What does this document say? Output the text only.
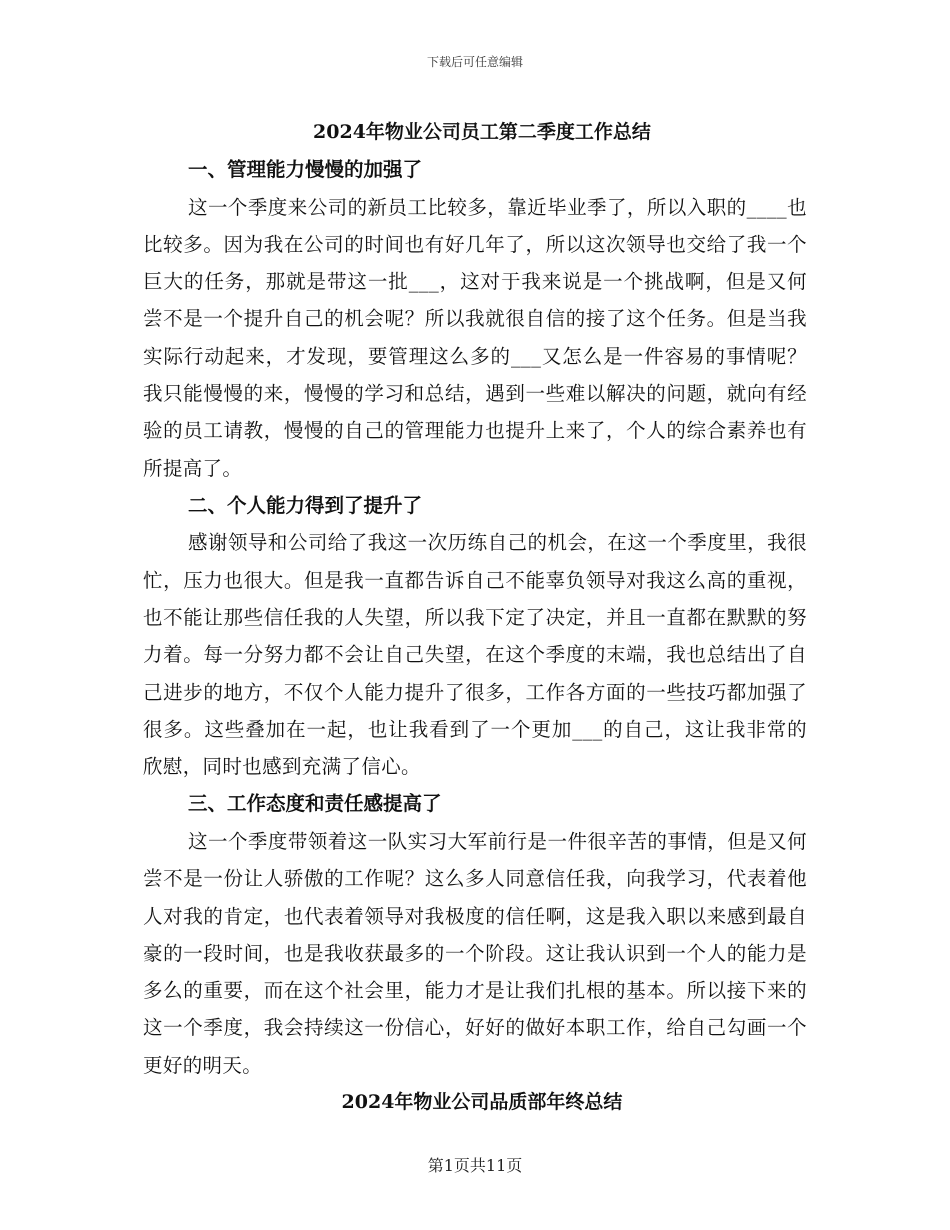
下载后可任意编辑
2024年物业公司员工第二季度工作总结
一、管理能力慢慢的加强了

这一个季度来公司的新员工比较多，靠近毕业季了，所以入职的____也比较多。因为我在公司的时间也有好几年了，所以这次领导也交给了我一个巨大的任务，那就是带这一批___，这对于我来说是一个挑战啊，但是又何尝不是一个提升自己的机会呢？所以我就很自信的接了这个任务。但是当我实际行动起来，才发现，要管理这么多的___又怎么是一件容易的事情呢？我只能慢慢的来，慢慢的学习和总结，遇到一些难以解决的问题，就向有经验的员工请教，慢慢的自己的管理能力也提升上来了，个人的综合素养也有所提高了。

二、个人能力得到了提升了

感谢领导和公司给了我这一次历练自己的机会，在这一个季度里，我很忙，压力也很大。但是我一直都告诉自己不能辜负领导对我这么高的重视，也不能让那些信任我的人失望，所以我下定了决定，并且一直都在默默的努力着。每一分努力都不会让自己失望，在这个季度的末端，我也总结出了自己进步的地方，不仅个人能力提升了很多，工作各方面的一些技巧都加强了很多。这些叠加在一起，也让我看到了一个更加___的自己，这让我非常的欣慰，同时也感到充满了信心。

三、工作态度和责任感提高了

这一个季度带领着这一队实习大军前行是一件很辛苦的事情，但是又何尝不是一份让人骄傲的工作呢？这么多人同意信任我，向我学习，代表着他人对我的肯定，也代表着领导对我极度的信任啊，这是我入职以来感到最自豪的一段时间，也是我收获最多的一个阶段。这让我认识到一个人的能力是多么的重要，而在这个社会里，能力才是让我们扎根的基本。所以接下来的这一个季度，我会持续这一份信心，好好的做好本职工作，给自己勾画一个更好的明天。

2024年物业公司品质部年终总结
第1页共11页
